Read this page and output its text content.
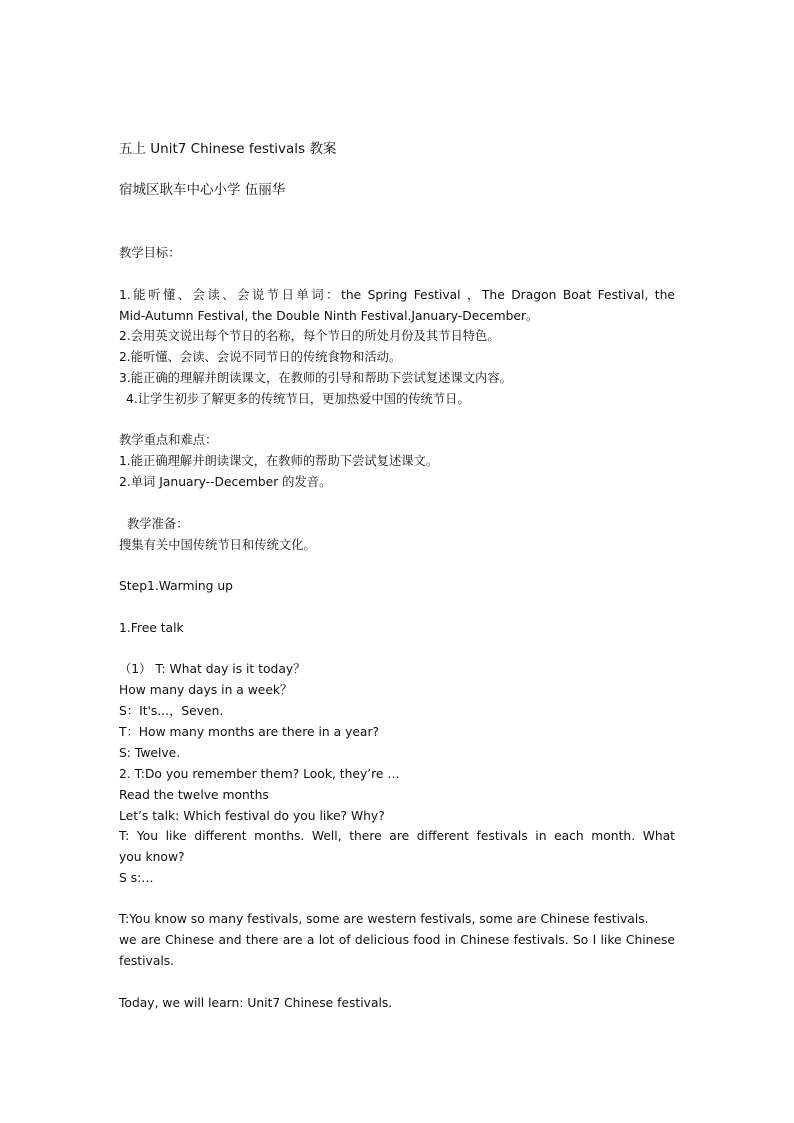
五上 Unit7 Chinese festivals 教案
宿城区耿车中心小学 伍丽华
教学目标：
1.能听懂、会读、会说节日单词：the Spring Festival ，The Dragon Boat Festival, the
Mid-Autumn Festival, the Double Ninth Festival.January-December。
2.会用英文说出每个节日的名称，每个节日的所处月份及其节日特色。
2.能听懂、会读、会说不同节日的传统食物和活动。
3.能正确的理解并朗读课文，在教师的引导和帮助下尝试复述课文内容。
4.让学生初步了解更多的传统节日，更加热爱中国的传统节日。
教学重点和难点：
1.能正确理解并朗读课文，在教师的帮助下尝试复述课文。
2.单词 January--December 的发音。
教学准备：
搜集有关中国传统节日和传统文化。
Step1.Warming up
1.Free talk
（1） T: What day is it today？
How many days in a week？
S：It's...，Seven.
T：How many months are there in a year?
S: Twelve.
2. T:Do you remember them? Look, they’re …
Read the twelve months
Let’s talk: Which festival do you like? Why?
T: You like different months. Well, there are different festivals in each month. What
you know?
S s:…
T:You know so many festivals, some are western festivals, some are Chinese festivals.
we are Chinese and there are a lot of delicious food in Chinese festivals. So I like Chinese
festivals.
Today, we will learn: Unit7 Chinese festivals.
